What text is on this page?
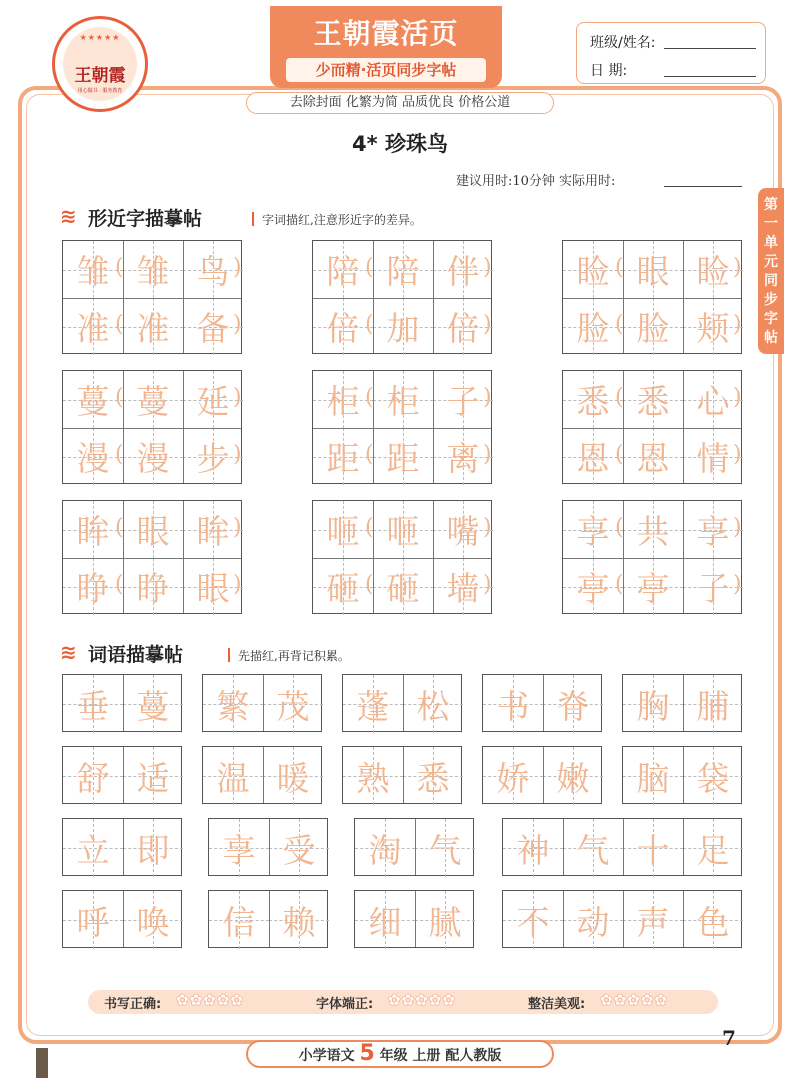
★★★★★
王朝霞
用心做书 · 服务教育
王朝霞活页
少而精·活页同步字帖
去除封面 化繁为简 品质优良 价格公道
班级/姓名:
日 期:
4* 珍珠鸟
建议用时:10分钟 实际用时:
第
一
单
元
同
步
字
帖
≋ 形近字描摹帖	字词描红,注意形近字的差异。
雏 雏 鸟
准 准 备
(	)
(	)
陪 陪 伴
倍 加 倍
(	)
(	)
睑 眼 睑
脸 脸 颊
(	)
(	)
蔓 蔓 延
漫 漫 步
(	)
(	)
柜 柜 子
距 距 离
(	)
(	)
悉 悉 心
恩 恩 情
(	)
(	)
眸 眼 眸
睁 睁 眼
(	)
(	)
咂 咂 嘴
砸 砸 墙
(	)
(	)
享 共 享
亭 亭 子
(	)
(	)
≋ 词语描摹帖	先描红,再背记积累。
垂 蔓	繁 茂	蓬 松	书 脊	胸 脯
舒 适	温 暖	熟 悉	娇 嫩	脑 袋
立 即	享 受	淘 气	神 气 十 足
呼 唤	信 赖	细 腻	不 动 声 色
书写正确: ✿✿✿✿✿	字体端正: ✿✿✿✿✿	整洁美观: ✿✿✿✿✿
小学语文 5 年级 上册 配人教版
7
